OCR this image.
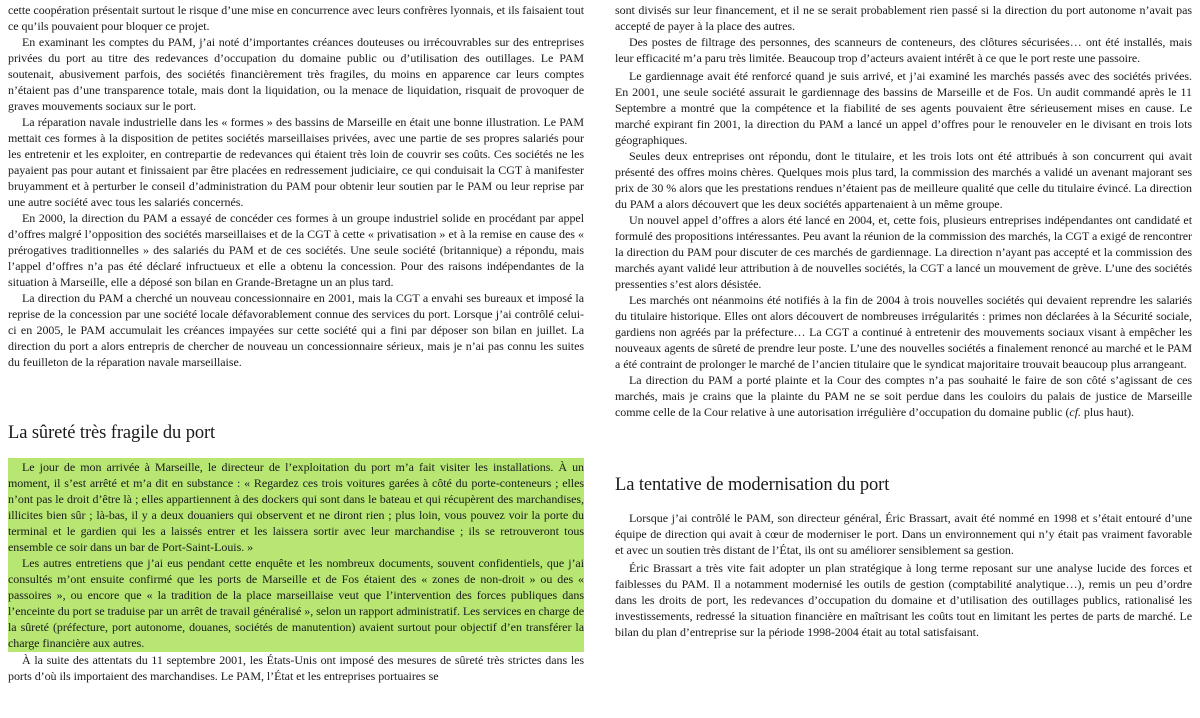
cette coopération présentait surtout le risque d’une mise en concurrence avec leurs confrères lyonnais, et ils faisaient tout ce qu’ils pouvaient pour bloquer ce projet.

En examinant les comptes du PAM, j’ai noté d’importantes créances douteuses ou irrécouvrables sur des entreprises privées du port au titre des redevances d’occupation du domaine public ou d’utilisation des outillages. Le PAM soutenait, abusivement parfois, des sociétés financièrement très fragiles, du moins en apparence car leurs comptes n’étaient pas d’une transparence totale, mais dont la liquidation, ou la menace de liquidation, risquait de provoquer de graves mouvements sociaux sur le port.

La réparation navale industrielle dans les « formes » des bassins de Marseille en était une bonne illustration. Le PAM mettait ces formes à la disposition de petites sociétés marseillaises privées, avec une partie de ses propres salariés pour les entretenir et les exploiter, en contrepartie de redevances qui étaient très loin de couvrir ses coûts. Ces sociétés ne les payaient pas pour autant et finissaient par être placées en redressement judiciaire, ce qui conduisait la CGT à manifester bruyamment et à perturber le conseil d’administration du PAM pour obtenir leur soutien par le PAM ou leur reprise par une autre société avec tous les salariés concernés.

En 2000, la direction du PAM a essayé de concéder ces formes à un groupe industriel solide en procédant par appel d’offres malgré l’opposition des sociétés marseillaises et de la CGT à cette « privatisation » et à la remise en cause des « prérogatives traditionnelles » des salariés du PAM et de ces sociétés. Une seule société (britannique) a répondu, mais l’appel d’offres n’a pas été déclaré infructueux et elle a obtenu la concession. Pour des raisons indépendantes de la situation à Marseille, elle a déposé son bilan en Grande-Bretagne un an plus tard.

La direction du PAM a cherché un nouveau concessionnaire en 2001, mais la CGT a envahi ses bureaux et imposé la reprise de la concession par une société locale défavorablement connue des services du port. Lorsque j’ai contrôlé celui-ci en 2005, le PAM accumulait les créances impayées sur cette société qui a fini par déposer son bilan en juillet. La direction du port a alors entrepris de chercher de nouveau un concessionnaire sérieux, mais je n’ai pas connu les suites du feuilleton de la réparation navale marseillaise.

La sûreté très fragile du port

Le jour de mon arrivée à Marseille, le directeur de l’exploitation du port m’a fait visiter les installations. À un moment, il s’est arrêté et m’a dit en substance : « Regardez ces trois voitures garées à côté du porte-conteneurs ; elles n’ont pas le droit d’être là ; elles appartiennent à des dockers qui sont dans le bateau et qui récupèrent des marchandises, illicites bien sûr ; là-bas, il y a deux douaniers qui observent et ne diront rien ; plus loin, vous pouvez voir la porte du terminal et le gardien qui les a laissés entrer et les laissera sortir avec leur marchandise ; ils se retrouveront tous ensemble ce soir dans un bar de Port-Saint-Louis. »

Les autres entretiens que j’ai eus pendant cette enquête et les nombreux documents, souvent confidentiels, que j’ai consultés m’ont ensuite confirmé que les ports de Marseille et de Fos étaient des « zones de non-droit » ou des « passoires », ou encore que « la tradition de la place marseillaise veut que l’intervention des forces publiques dans l’enceinte du port se traduise par un arrêt de travail généralisé », selon un rapport administratif. Les services en charge de la sûreté (préfecture, port autonome, douanes, sociétés de manutention) avaient surtout pour objectif d’en transférer la charge financière aux autres.

À la suite des attentats du 11 septembre 2001, les États-Unis ont imposé des mesures de sûreté très strictes dans les ports d’où ils importaient des marchandises. Le PAM, l’État et les entreprises portuaires se

sont divisés sur leur financement, et il ne se serait probablement rien passé si la direction du port autonome n’avait pas accepté de payer à la place des autres.

Des postes de filtrage des personnes, des scanneurs de conteneurs, des clôtures sécurisées… ont été installés, mais leur efficacité m’a paru très limitée. Beaucoup trop d’acteurs avaient intérêt à ce que le port reste une passoire.

Le gardiennage avait été renforcé quand je suis arrivé, et j’ai examiné les marchés passés avec des sociétés privées. En 2001, une seule société assurait le gardiennage des bassins de Marseille et de Fos. Un audit commandé après le 11 Septembre a montré que la compétence et la fiabilité de ses agents pouvaient être sérieusement mises en cause. Le marché expirant fin 2001, la direction du PAM a lancé un appel d’offres pour le renouveler en le divisant en trois lots géographiques.

Seules deux entreprises ont répondu, dont le titulaire, et les trois lots ont été attribués à son concurrent qui avait présenté des offres moins chères. Quelques mois plus tard, la commission des marchés a validé un avenant majorant ses prix de 30 % alors que les prestations rendues n’étaient pas de meilleure qualité que celle du titulaire évincé. La direction du PAM a alors découvert que les deux sociétés appartenaient à un même groupe.

Un nouvel appel d’offres a alors été lancé en 2004, et, cette fois, plusieurs entreprises indépendantes ont candidaté et formulé des propositions intéressantes. Peu avant la réunion de la commission des marchés, la CGT a exigé de rencontrer la direction du PAM pour discuter de ces marchés de gardiennage. La direction n’ayant pas accepté et la commission des marchés ayant validé leur attribution à de nouvelles sociétés, la CGT a lancé un mouvement de grève. L’une des sociétés pressenties s’est alors désistée.

Les marchés ont néanmoins été notifiés à la fin de 2004 à trois nouvelles sociétés qui devaient reprendre les salariés du titulaire historique. Elles ont alors découvert de nombreuses irrégularités : primes non déclarées à la Sécurité sociale, gardiens non agréés par la préfecture… La CGT a continué à entretenir des mouvements sociaux visant à empêcher les nouveaux agents de sûreté de prendre leur poste. L’une des nouvelles sociétés a finalement renoncé au marché et le PAM a été contraint de prolonger le marché de l’ancien titulaire que le syndicat majoritaire trouvait beaucoup plus arrangeant.

La direction du PAM a porté plainte et la Cour des comptes n’a pas souhaité le faire de son côté s’agissant de ces marchés, mais je crains que la plainte du PAM ne se soit perdue dans les couloirs du palais de justice de Marseille comme celle de la Cour relative à une autorisation irrégulière d’occupation du domaine public (cf. plus haut).

La tentative de modernisation du port

Lorsque j’ai contrôlé le PAM, son directeur général, Éric Brassart, avait été nommé en 1998 et s’était entouré d’une équipe de direction qui avait à cœur de moderniser le port. Dans un environnement qui n’y était pas vraiment favorable et avec un soutien très distant de l’État, ils ont su améliorer sensiblement sa gestion.

Éric Brassart a très vite fait adopter un plan stratégique à long terme reposant sur une analyse lucide des forces et faiblesses du PAM. Il a notamment modernisé les outils de gestion (comptabilité analytique…), remis un peu d’ordre dans les droits de port, les redevances d’occupation du domaine et d’utilisation des outillages publics, rationalisé les investissements, redressé la situation financière en maîtrisant les coûts tout en limitant les pertes de parts de marché. Le bilan du plan d’entreprise sur la période 1998-2004 était au total satisfaisant.
